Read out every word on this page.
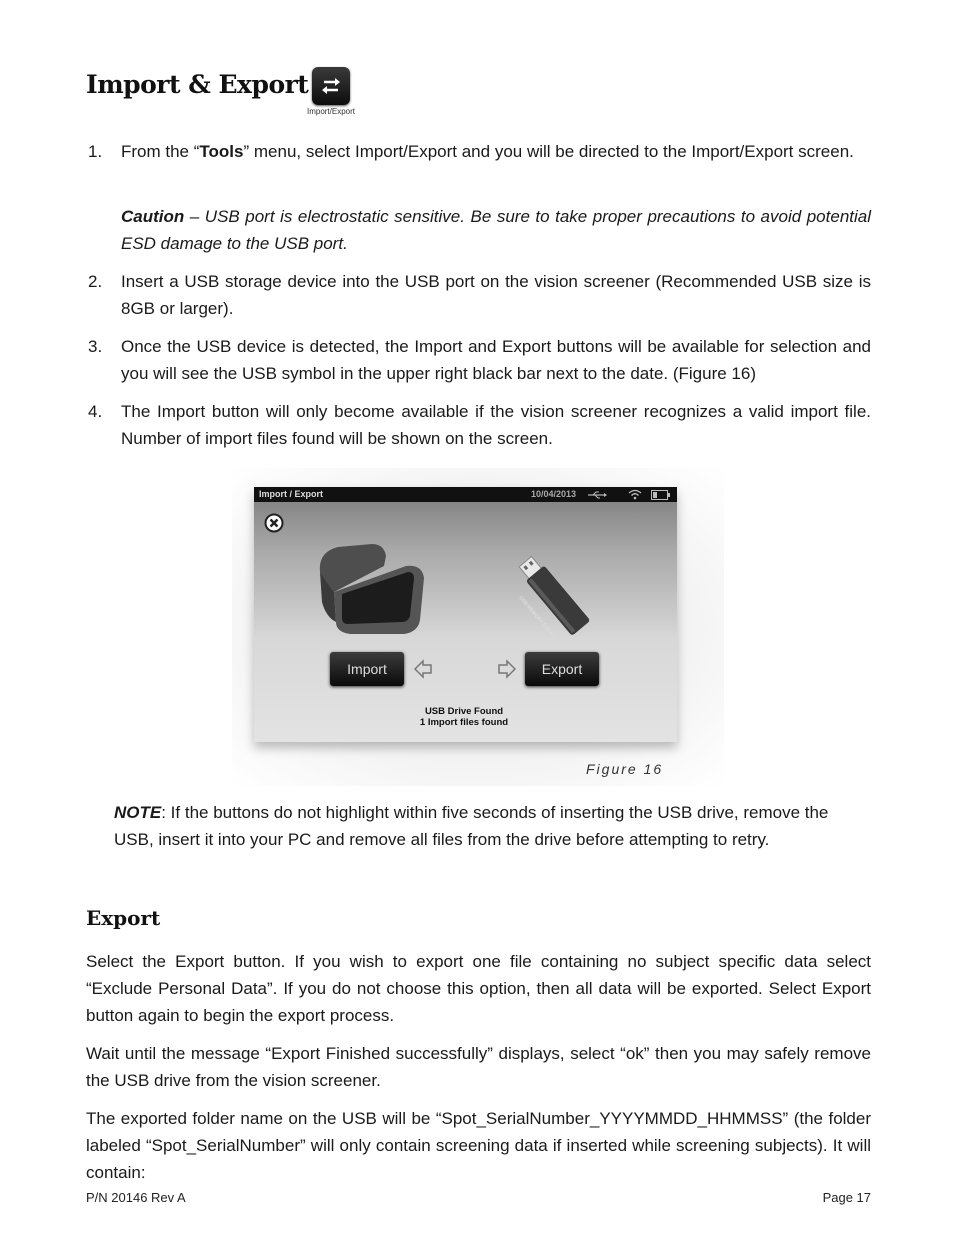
Import & Export
Import/Export
1. From the “Tools” menu, select Import/Export and you will be directed to the Import/Export screen.
Caution – USB port is electrostatic sensitive. Be sure to take proper precautions to avoid potential ESD damage to the USB port.
2. Insert a USB storage device into the USB port on the vision screener (Recommended USB size is 8GB or larger).
3. Once the USB device is detected, the Import and Export buttons will be available for selection and you will see the USB symbol in the upper right black bar next to the date. (Figure 16)
4. The Import button will only become available if the vision screener recognizes a valid import file. Number of import files found will be shown on the screen.
Import / Export	10/04/2013
USB MEMORY STICK
Import	Export
USB Drive Found
1 Import files found
Figure 16
NOTE: If the buttons do not highlight within five seconds of inserting the USB drive, remove the USB, insert it into your PC and remove all files from the drive before attempting to retry.
Export
Select the Export button. If you wish to export one file containing no subject specific data select “Exclude Personal Data”. If you do not choose this option, then all data will be exported. Select Export button again to begin the export process.
Wait until the message “Export Finished successfully” displays, select “ok” then you may safely remove the USB drive from the vision screener.
The exported folder name on the USB will be “Spot_SerialNumber_YYYYMMDD_HHMMSS” (the folder labeled “Spot_SerialNumber” will only contain screening data if inserted while screening subjects). It will contain:
P/N 20146 Rev A	Page 17
